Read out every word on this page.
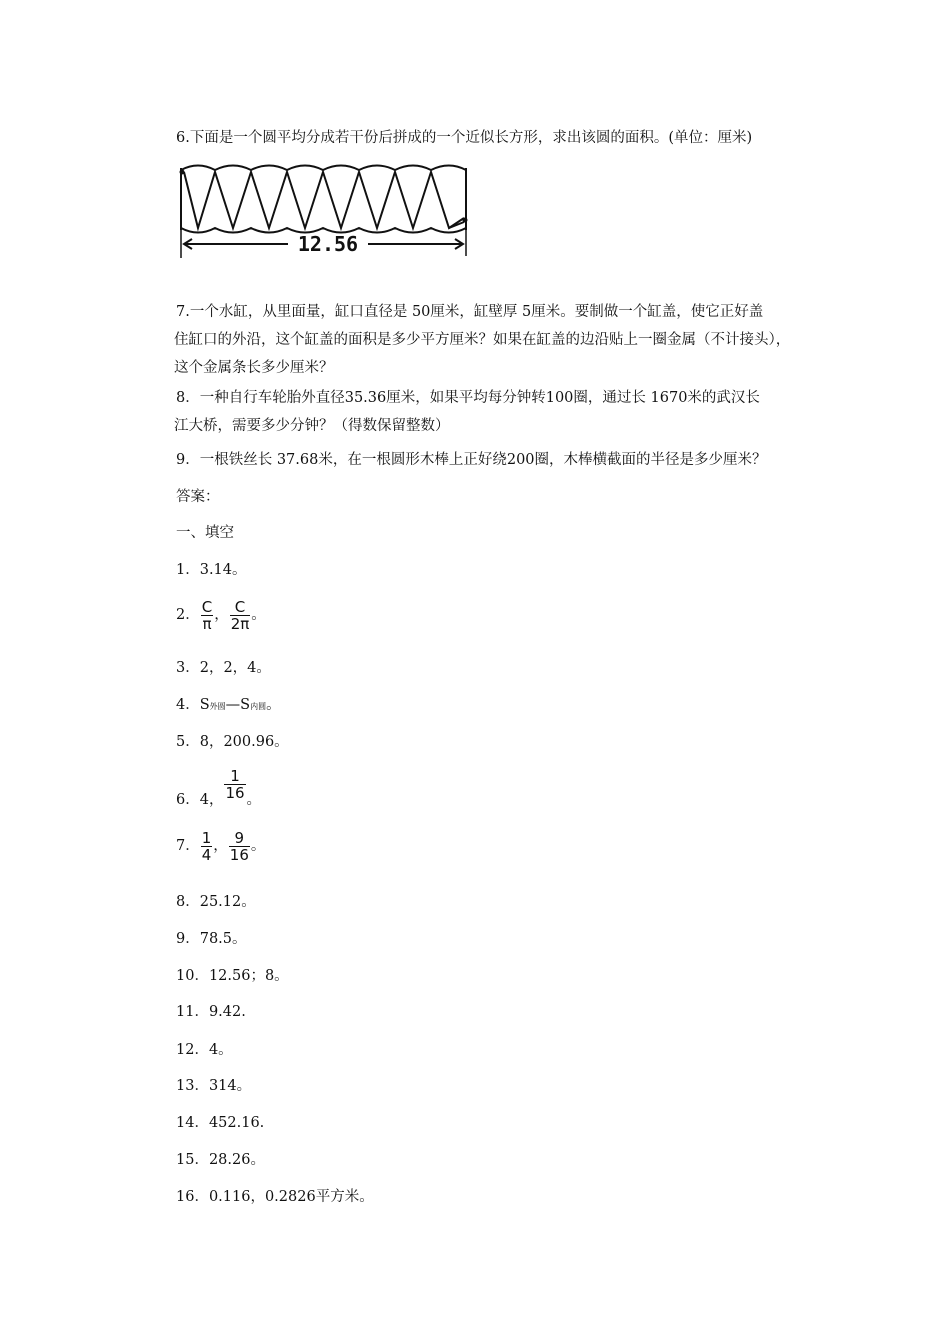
6.下面是一个圆平均分成若干份后拼成的一个近似长方形，求出该圆的面积。(单位：厘米)
12.56
7.一个水缸，从里面量，缸口直径是 50厘米，缸壁厚 5厘米。要制做一个缸盖，使它正好盖
住缸口的外沿，这个缸盖的面积是多少平方厘米？如果在缸盖的边沿贴上一圈金属（不计接头），
这个金属条长多少厘米？
8．一种自行车轮胎外直径35.36厘米，如果平均每分钟转100圈，通过长 1670米的武汉长
江大桥，需要多少分钟？（得数保留整数）
9．一根铁丝长 37.68米，在一根圆形木棒上正好绕200圈，木棒横截面的半径是多少厘米？
答案：
一、填空
1．3.14。
2． $\frac{C}{\pi}$ ， $\frac{C}{2\pi}$ 。
3．2，2，4。
4．S外圆—S内圆。
5．8，200.96。
6．4， $\frac{1}{16}$ 。
7． $\frac{1}{4}$ ， $\frac{9}{16}$ 。
8．25.12。
9．78.5。
10．12.56；8。
11．9.42.
12．4。
13．314。
14．452.16.
15．28.26。
16．0.116，0.2826平方米。
